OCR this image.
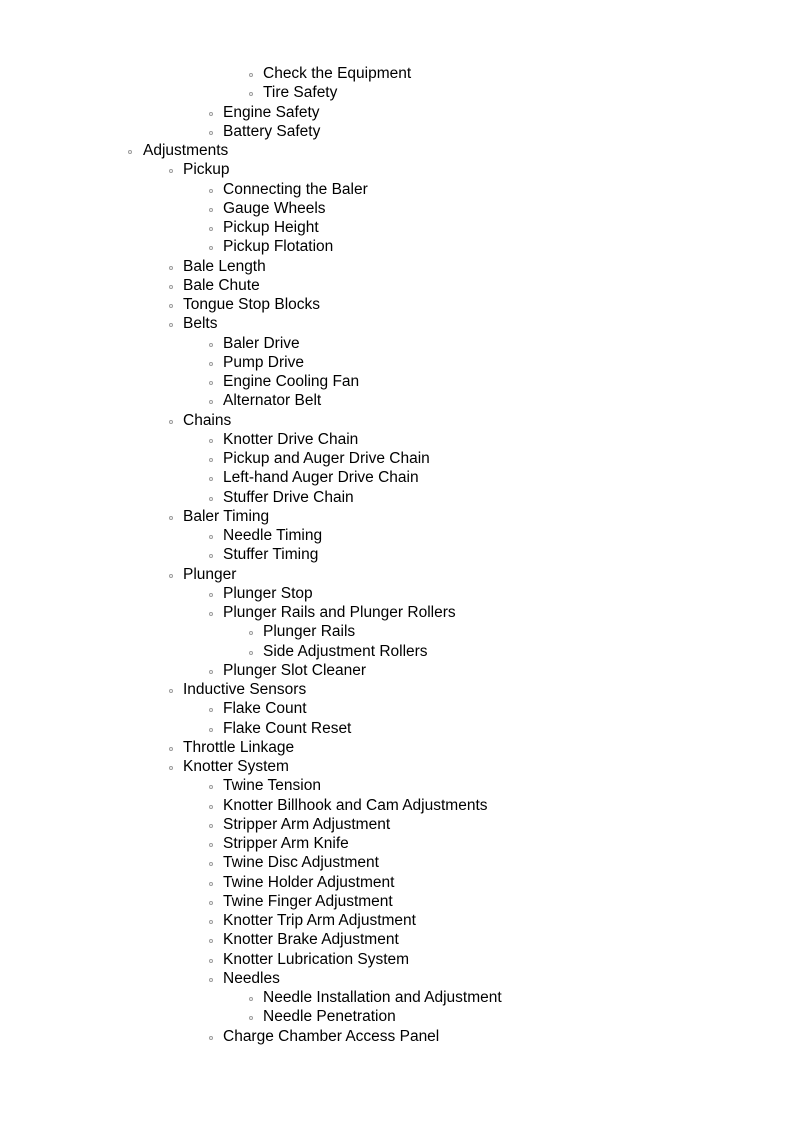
Check the Equipment
Tire Safety
Engine Safety
Battery Safety
Adjustments
Pickup
Connecting the Baler
Gauge Wheels
Pickup Height
Pickup Flotation
Bale Length
Bale Chute
Tongue Stop Blocks
Belts
Baler Drive
Pump Drive
Engine Cooling Fan
Alternator Belt
Chains
Knotter Drive Chain
Pickup and Auger Drive Chain
Left-hand Auger Drive Chain
Stuffer Drive Chain
Baler Timing
Needle Timing
Stuffer Timing
Plunger
Plunger Stop
Plunger Rails and Plunger Rollers
Plunger Rails
Side Adjustment Rollers
Plunger Slot Cleaner
Inductive Sensors
Flake Count
Flake Count Reset
Throttle Linkage
Knotter System
Twine Tension
Knotter Billhook and Cam Adjustments
Stripper Arm Adjustment
Stripper Arm Knife
Twine Disc Adjustment
Twine Holder Adjustment
Twine Finger Adjustment
Knotter Trip Arm Adjustment
Knotter Brake Adjustment
Knotter Lubrication System
Needles
Needle Installation and Adjustment
Needle Penetration
Charge Chamber Access Panel
